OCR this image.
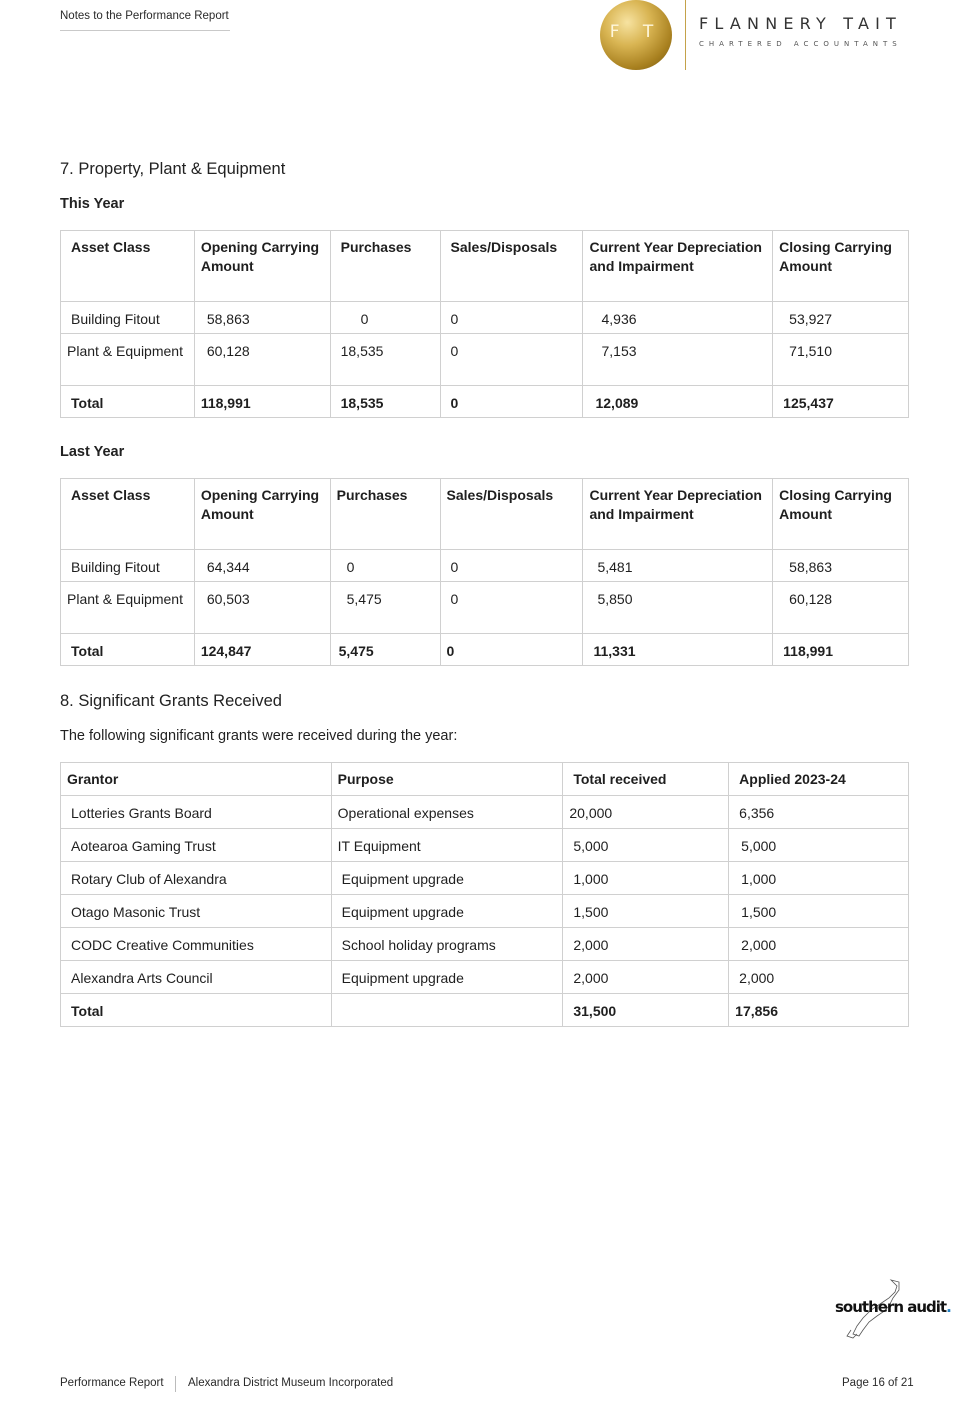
Notes to the Performance Report
F T	FLANNERY TAIT
CHARTERED ACCOUNTANTS
7. Property, Plant & Equipment
This Year
Asset Class	Opening Carrying Amount	Purchases	Sales/Disposals	Current Year Depreciation and Impairment	Closing Carrying Amount
Building Fitout	58,863	0	0	4,936	53,927
Plant & Equipment	60,128	18,535	0	7,153	71,510
Total	118,991	18,535	0	12,089	125,437
Last Year
Asset Class	Opening Carrying Amount	Purchases	Sales/Disposals	Current Year Depreciation and Impairment	Closing Carrying Amount
Building Fitout	64,344	0	0	5,481	58,863
Plant & Equipment	60,503	5,475	0	5,850	60,128
Total	124,847	5,475	0	11,331	118,991
8. Significant Grants Received

The following significant grants were received during the year:

Grantor	Purpose	Total received	Applied 2023-24
Lotteries Grants Board	Operational expenses	20,000	6,356
Aotearoa Gaming Trust	IT Equipment	5,000	5,000
Rotary Club of Alexandra	Equipment upgrade	1,000	1,000
Otago Masonic Trust	Equipment upgrade	1,500	1,500
CODC Creative Communities	School holiday programs	2,000	2,000
Alexandra Arts Council	Equipment upgrade	2,000	2,000
Total		31,500	17,856
southern audit.
Performance Report Alexandra District Museum Incorporated	Page 16 of 21
